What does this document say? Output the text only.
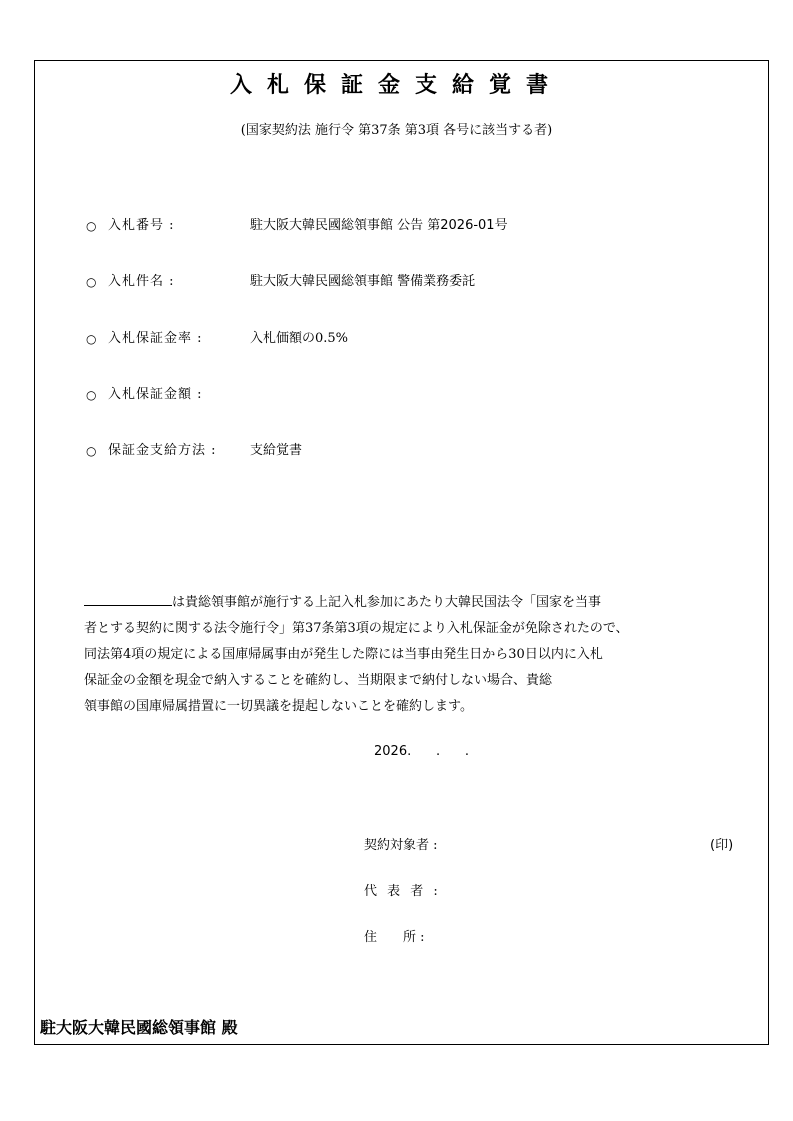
入札保証金支給覚書
(国家契約法 施行令 第37条 第3項 各号に該当する者)
○ 入札番号 :	駐大阪大韓民國総領事館 公告 第2026-01号
○ 入札件名 :	駐大阪大韓民國総領事館 警備業務委託
○ 入札保証金率 :	入札価額の0.5%
○ 入札保証金額 :
○ 保証金支給方法 :	支給覚書
は貴総領事館が施行する上記入札参加にあたり大韓民国法令「国家を当事
者とする契約に関する法令施行令」第37条第3項の規定により入札保証金が免除されたので、
同法第4項の規定による国庫帰属事由が発生した際には当事由発生日から30日以内に入札
保証金の金額を現金で納入することを確約し、当期限まで納付しない場合、貴総
領事館の国庫帰属措置に一切異議を提起しないことを確約します。
2026.      .      .
契約対象者 :	(印)
代 表 者 :
住　　所 :
駐大阪大韓民國総領事館 殿
